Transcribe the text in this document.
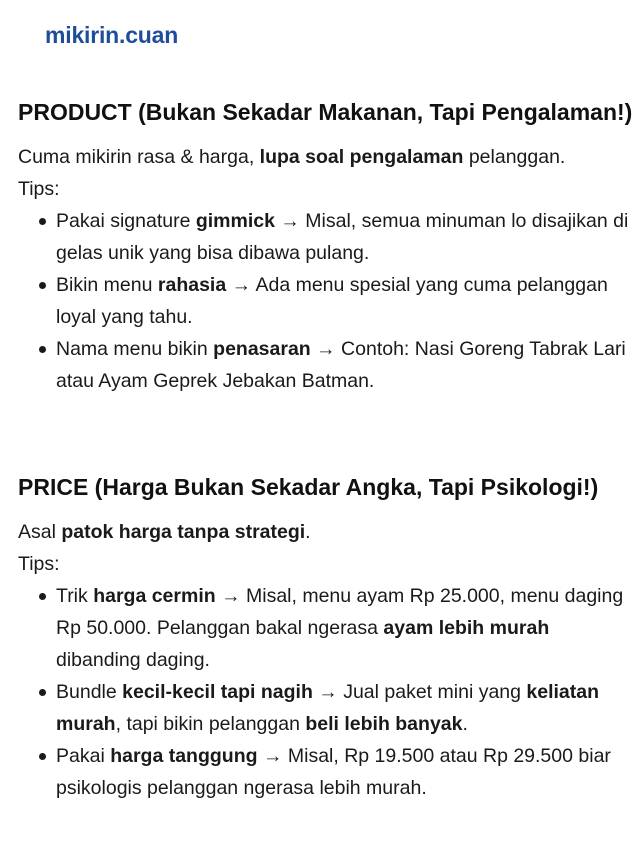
mikirin.cuan
PRODUCT (Bukan Sekadar Makanan, Tapi Pengalaman!)

Cuma mikirin rasa & harga, lupa soal pengalaman pelanggan.

Tips:

Pakai signature gimmick → Misal, semua minuman lo disajikan di gelas unik yang bisa dibawa pulang.
Bikin menu rahasia → Ada menu spesial yang cuma pelanggan loyal yang tahu.
Nama menu bikin penasaran → Contoh: Nasi Goreng Tabrak Lari atau Ayam Geprek Jebakan Batman.
PRICE (Harga Bukan Sekadar Angka, Tapi Psikologi!)

Asal patok harga tanpa strategi.

Tips:

Trik harga cermin → Misal, menu ayam Rp 25.000, menu daging Rp 50.000. Pelanggan bakal ngerasa ayam lebih murah dibanding daging.
Bundle kecil-kecil tapi nagih → Jual paket mini yang keliatan murah, tapi bikin pelanggan beli lebih banyak.
Pakai harga tanggung → Misal, Rp 19.500 atau Rp 29.500 biar psikologis pelanggan ngerasa lebih murah.
